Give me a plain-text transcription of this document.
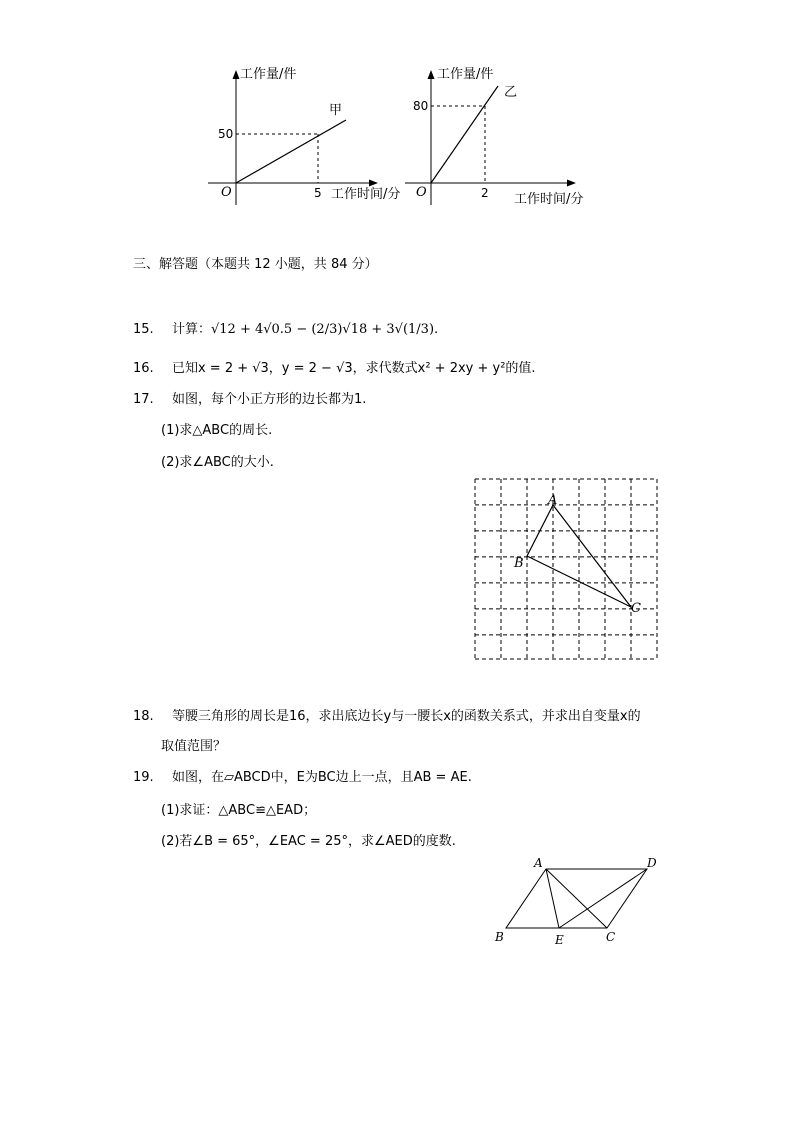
工作量/件
工作时间/分
O
甲
5
50
工作量/件
工作时间/分
O
乙
2
80
三、解答题（本题共 12 小题，共 84 分）
15. 计算：√12 + 4√0.5 − (2/3)√18 + 3√(1/3).
16. 已知x = 2 + √3，y = 2 − √3，求代数式x² + 2xy + y²的值.
17. 如图，每个小正方形的边长都为1.
(1)求△ABC的周长.
(2)求∠ABC的大小.
A
B
C
18. 等腰三角形的周长是16，求出底边长y与一腰长x的函数关系式，并求出自变量x的
取值范围？
19. 如图，在▱ABCD中，E为BC边上一点，且AB = AE.
(1)求证：△ABC≌△EAD；
(2)若∠B = 65°，∠EAC = 25°，求∠AED的度数.
A
B	C
D
E
